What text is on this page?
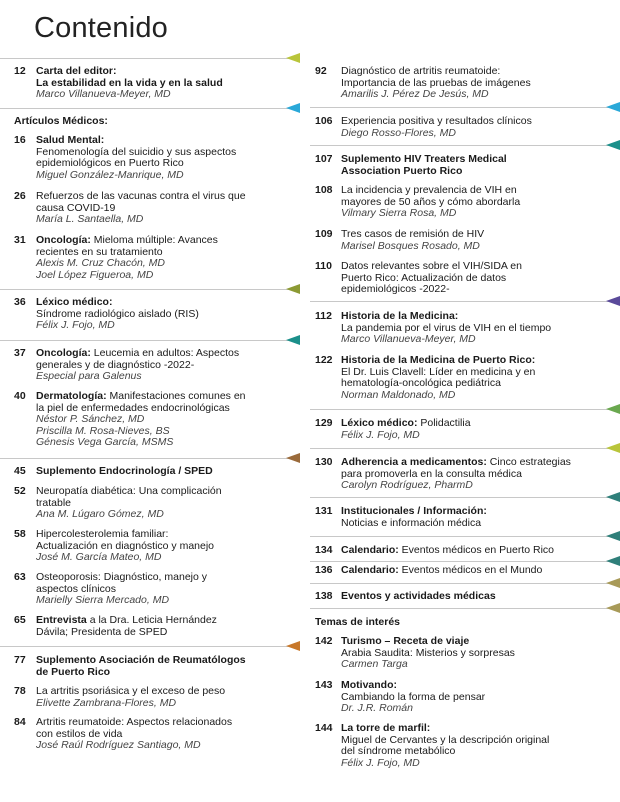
Contenido
12 Carta del editor:
La estabilidad en la vida y en la salud
Marco Villanueva-Meyer, MD
Artículos Médicos:
16 Salud Mental:
Fenomenología del suicidio y sus aspectos
epidemiológicos en Puerto Rico
Miguel González-Manrique, MD
26 Refuerzos de las vacunas contra el virus que
causa COVID-19
María L. Santaella, MD
31 Oncología: Mieloma múltiple: Avances
recientes en su tratamiento
Alexis M. Cruz Chacón, MD
Joel López Figueroa, MD
36 Léxico médico:
Síndrome radiológico aislado (RIS)
Félix J. Fojo, MD
37 Oncología: Leucemia en adultos: Aspectos
generales y de diagnóstico -2022-
Especial para Galenus
40 Dermatología: Manifestaciones comunes en
la piel de enfermedades endocrinológicas
Néstor P. Sánchez, MD
Priscilla M. Rosa-Nieves, BS
Génesis Vega García, MSMS
45 Suplemento Endocrinología / SPED
52 Neuropatía diabética: Una complicación
tratable
Ana M. Lúgaro Gómez, MD
58 Hipercolesterolemia familiar:
Actualización en diagnóstico y manejo
José M. García Mateo, MD
63 Osteoporosis: Diagnóstico, manejo y
aspectos clínicos
Marielly Sierra Mercado, MD
65 Entrevista a la Dra. Leticia Hernández
Dávila; Presidenta de SPED
77 Suplemento Asociación de Reumatólogos
de Puerto Rico
78 La artritis psoriásica y el exceso de peso
Elivette Zambrana-Flores, MD
84 Artritis reumatoide: Aspectos relacionados
con estilos de vida
José Raúl Rodríguez Santiago, MD
92 Diagnóstico de artritis reumatoide:
Importancia de las pruebas de imágenes
Amarilis J. Pérez De Jesús, MD
106 Experiencia positiva y resultados clínicos
Diego Rosso-Flores, MD
107 Suplemento HIV Treaters Medical
Association Puerto Rico
108 La incidencia y prevalencia de VIH en
mayores de 50 años y cómo abordarla
Vilmary Sierra Rosa, MD
109 Tres casos de remisión de HIV
Marisel Bosques Rosado, MD
110 Datos relevantes sobre el VIH/SIDA en
Puerto Rico: Actualización de datos
epidemiológicos -2022-
112 Historia de la Medicina:
La pandemia por el virus de VIH en el tiempo
Marco Villanueva-Meyer, MD
122 Historia de la Medicina de Puerto Rico:
El Dr. Luis Clavell: Líder en medicina y en
hematología-oncológica pediátrica
Norman Maldonado, MD
129 Léxico médico: Polidactilia
Félix J. Fojo, MD
130 Adherencia a medicamentos: Cinco estrategias
para promoverla en la consulta médica
Carolyn Rodríguez, PharmD
131 Institucionales / Información:
Noticias e información médica
134 Calendario: Eventos médicos en Puerto Rico
136 Calendario: Eventos médicos en el Mundo
138 Eventos y actividades médicas
Temas de interés
142 Turismo – Receta de viaje
Arabia Saudita: Misterios y sorpresas
Carmen Targa
143 Motivando:
Cambiando la forma de pensar
Dr. J.R. Román
144 La torre de marfil:
Miguel de Cervantes y la descripción original
del síndrome metabólico
Félix J. Fojo, MD
